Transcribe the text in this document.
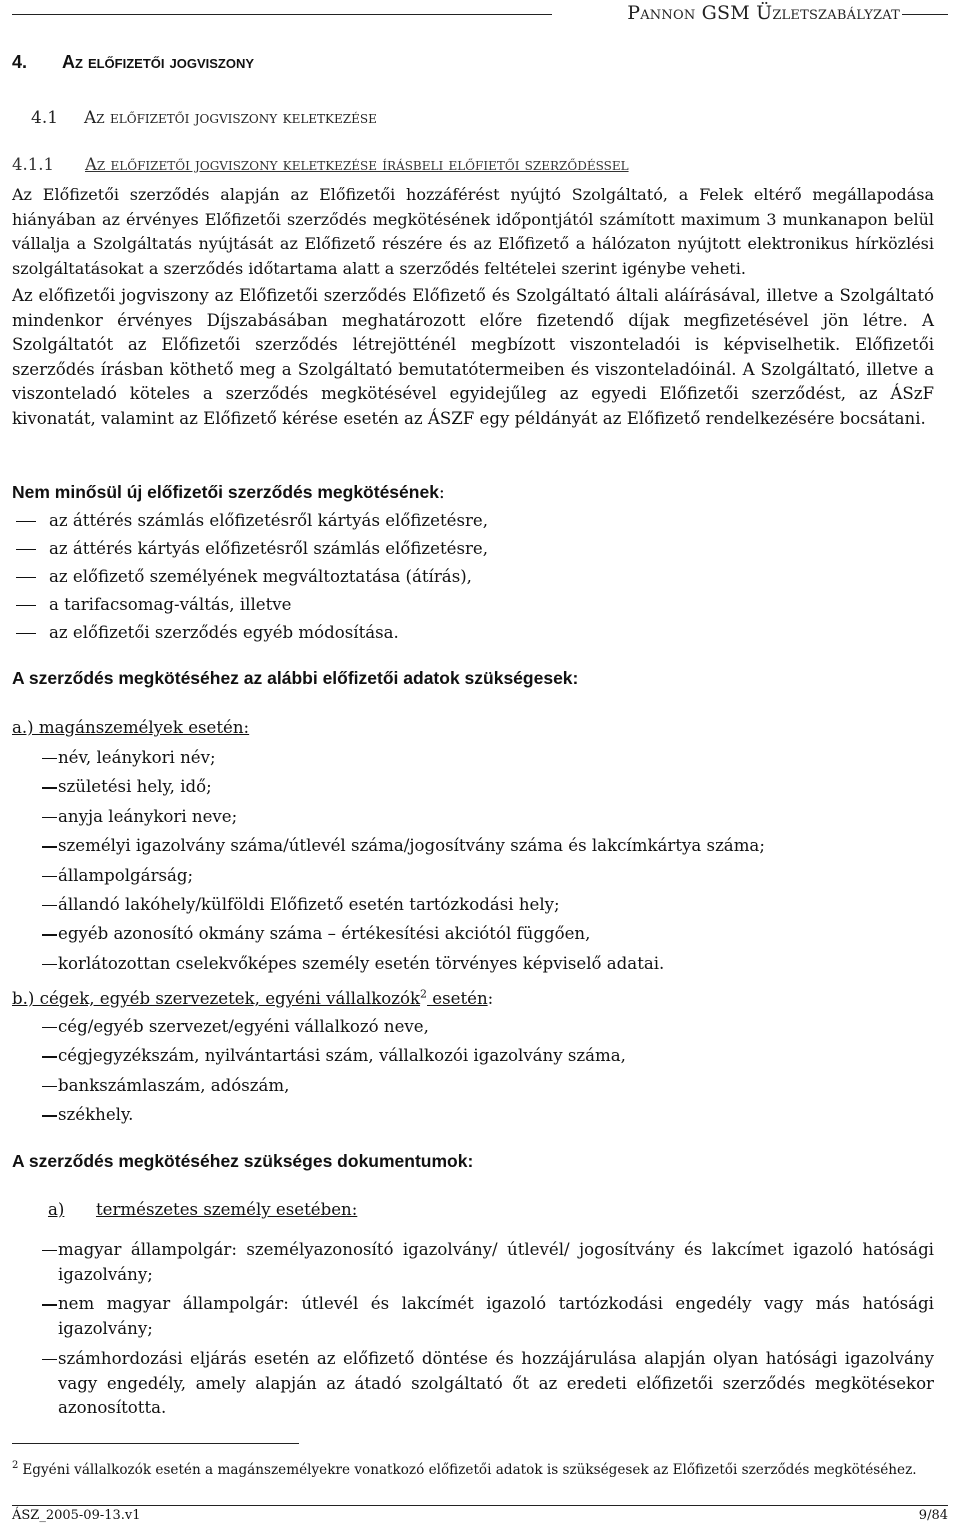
Pannon GSM Üzletszabályzat
4. Az előfizetői jogviszony
4.1 Az előfizetői jogviszony keletkezése
4.1.1 Az előfizetői jogviszony keletkezése írásbeli előfietői szerződéssel
Az Előfizetői szerződés alapján az Előfizetői hozzáférést nyújtó Szolgáltató, a Felek eltérő megállapodása hiányában az érvényes Előfizetői szerződés megkötésének időpontjától számított maximum 3 munkanapon belül vállalja a Szolgáltatás nyújtását az Előfizető részére és az Előfizető a hálózaton nyújtott elektronikus hírközlési szolgáltatásokat a szerződés időtartama alatt a szerződés feltételei szerint igénybe veheti.
Az előfizetői jogviszony az Előfizetői szerződés Előfizető és Szolgáltató általi aláírásával, illetve a Szolgáltató mindenkor érvényes Díjszabásában meghatározott előre fizetendő díjak megfizetésével jön létre. A Szolgáltatót az Előfizetői szerződés létrejötténél megbízott viszonteladói is képviselhetik. Előfizetői szerződés írásban köthető meg a Szolgáltató bemutatótermeiben és viszonteladóinál. A Szolgáltató, illetve a viszonteladó köteles a szerződés megkötésével egyidejűleg az egyedi Előfizetői szerződést, az ÁSzF kivonatát, valamint az Előfizető kérése esetén az ÁSZF egy példányát az Előfizető rendelkezésére bocsátani.
Nem minősül új előfizetői szerződés megkötésének:
az áttérés számlás előfizetésről kártyás előfizetésre,
az áttérés kártyás előfizetésről számlás előfizetésre,
az előfizető személyének megváltoztatása (átírás),
a tarifacsomag-váltás, illetve
az előfizetői szerződés egyéb módosítása.
A szerződés megkötéséhez az alábbi előfizetői adatok szükségesek:
a.) magánszemélyek esetén:
név, leánykori név;
születési hely, idő;
anyja leánykori neve;
személyi igazolvány száma/útlevél száma/jogosítvány száma és lakcímkártya száma;
állampolgárság;
állandó lakóhely/külföldi Előfizető esetén tartózkodási hely;
egyéb azonosító okmány száma – értékesítési akciótól függően,
korlátozottan cselekvőképes személy esetén törvényes képviselő adatai.
b.) cégek, egyéb szervezetek, egyéni vállalkozók$^2$ esetén:
cég/egyéb szervezet/egyéni vállalkozó neve,
cégjegyzékszám, nyilvántartási szám, vállalkozói igazolvány száma,
bankszámlaszám, adószám,
székhely.
A szerződés megkötéséhez szükséges dokumentumok:
a) természetes személy esetében:
magyar állampolgár: személyazonosító igazolvány/ útlevél/ jogosítvány és lakcímet igazoló hatósági igazolvány;
nem magyar állampolgár: útlevél és lakcímét igazoló tartózkodási engedély vagy más hatósági igazolvány;
számhordozási eljárás esetén az előfizető döntése és hozzájárulása alapján olyan hatósági igazolvány vagy engedély, amely alapján az átadó szolgáltató őt az eredeti előfizetői szerződés megkötésekor azonosította.
$^2$ Egyéni vállalkozók esetén a magánszemélyekre vonatkozó előfizetői adatok is szükségesek az Előfizetői szerződés megkötéséhez.
ÁSZ_2005-09-13.v1	9/84
